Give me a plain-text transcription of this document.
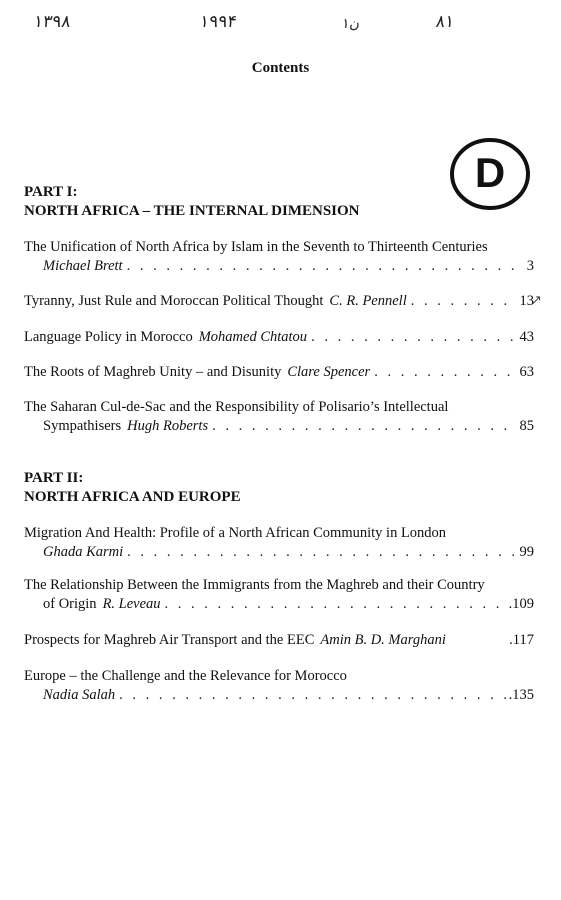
۱۳۹۸	۱۹۹۴	ن۱	۸۱
Contents
D
PART I:
NORTH AFRICA – THE INTERNAL DIMENSION
The Unification of North Africa by Islam in the Seventh to Thirteenth Centuries
Michael Brett . . .	3
Tyranny, Just Rule and Moroccan Political Thought C. R. Pennell . . .	13
↗
Language Policy in Morocco Mohamed Chtatou . . .	43
The Roots of Maghreb Unity – and Disunity Clare Spencer . . .	63
The Saharan Cul-de-Sac and the Responsibility of Polisario’s Intellectual
Sympathisers Hugh Roberts . . .	85
PART II:
NORTH AFRICA AND EUROPE
Migration And Health: Profile of a North African Community in London
Ghada Karmi . . .	99
The Relationship Between the Immigrants from the Maghreb and their Country
of Origin R. Leveau . . .	.109
Prospects for Maghreb Air Transport and the EEC Amin B. D. Marghani	.117
Europe – the Challenge and the Relevance for Morocco
Nadia Salah . . .	.135
